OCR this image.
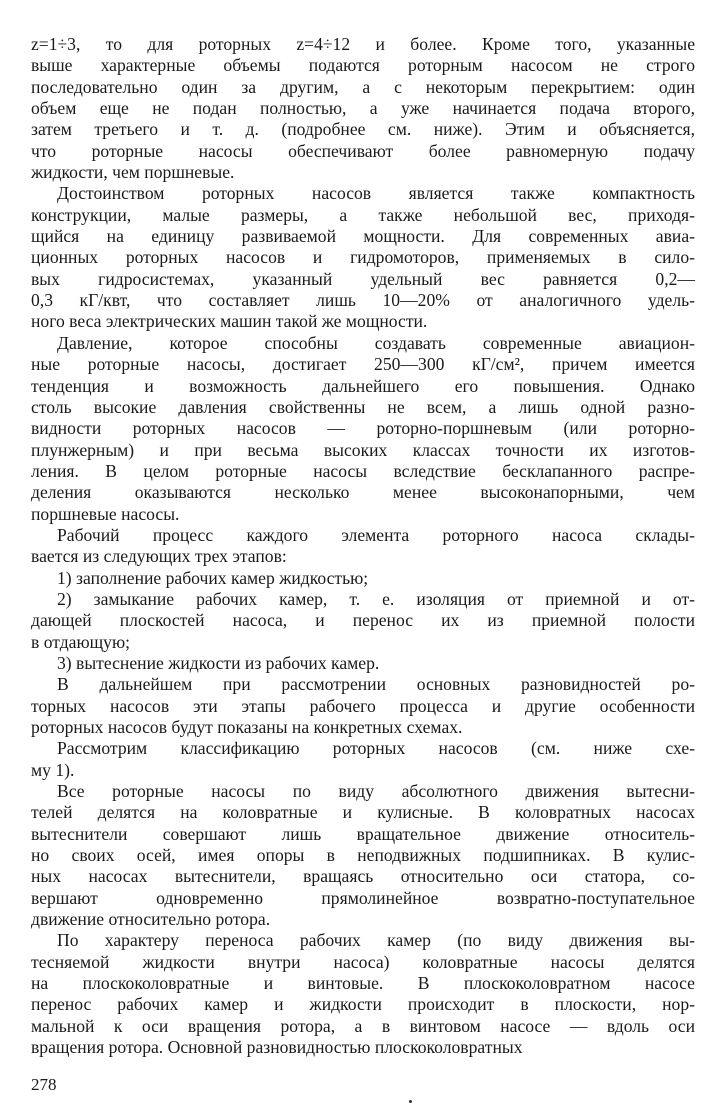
z=1÷3, то для роторных z=4÷12 и более. Кроме того, указанные

выше характерные объемы подаются роторным насосом не строго

последовательно один за другим, а с некоторым перекрытием: один

объем еще не подан полностью, а уже начинается подача второго,

затем третьего и т. д. (подробнее см. ниже). Этим и объясняется,

что роторные насосы обеспечивают более равномерную подачу

жидкости, чем поршневые.

Достоинством роторных насосов является также компактность

конструкции, малые размеры, а также небольшой вес, приходя-

щийся на единицу развиваемой мощности. Для современных авиа-

ционных роторных насосов и гидромоторов, применяемых в сило-

вых гидросистемах, указанный удельный вес равняется 0,2—

0,3 кГ/квт, что составляет лишь 10—20% от аналогичного удель-

ного веса электрических машин такой же мощности.

Давление, которое способны создавать современные авиацион-

ные роторные насосы, достигает 250—300 кГ/см², причем имеется

тенденция и возможность дальнейшего его повышения. Однако

столь высокие давления свойственны не всем, а лишь одной разно-

видности роторных насосов — роторно-поршневым (или роторно-

плунжерным) и при весьма высоких классах точности их изготов-

ления. В целом роторные насосы вследствие бесклапанного распре-

деления оказываются несколько менее высоконапорными, чем

поршневые насосы.

Рабочий процесс каждого элемента роторного насоса склады-

вается из следующих трех этапов:

1) заполнение рабочих камер жидкостью;

2) замыкание рабочих камер, т. е. изоляция от приемной и от-

дающей плоскостей насоса, и перенос их из приемной полости

в отдающую;

3) вытеснение жидкости из рабочих камер.

В дальнейшем при рассмотрении основных разновидностей ро-

торных насосов эти этапы рабочего процесса и другие особенности

роторных насосов будут показаны на конкретных схемах.

Рассмотрим классификацию роторных насосов (см. ниже схе-

му 1).

Все роторные насосы по виду абсолютного движения вытесни-

телей делятся на коловратные и кулисные. В коловратных насосах

вытеснители совершают лишь вращательное движение относитель-

но своих осей, имея опоры в неподвижных подшипниках. В кулис-

ных насосах вытеснители, вращаясь относительно оси статора, со-

вершают одновременно прямолинейное возвратно-поступательное

движение относительно ротора.

По характеру переноса рабочих камер (по виду движения вы-

тесняемой жидкости внутри насоса) коловратные насосы делятся

на плоскоколовратные и винтовые. В плоскоколовратном насосе

перенос рабочих камер и жидкости происходит в плоскости, нор-

мальной к оси вращения ротора, а в винтовом насосе — вдоль оси

вращения ротора. Основной разновидностью плоскоколовратных

278
